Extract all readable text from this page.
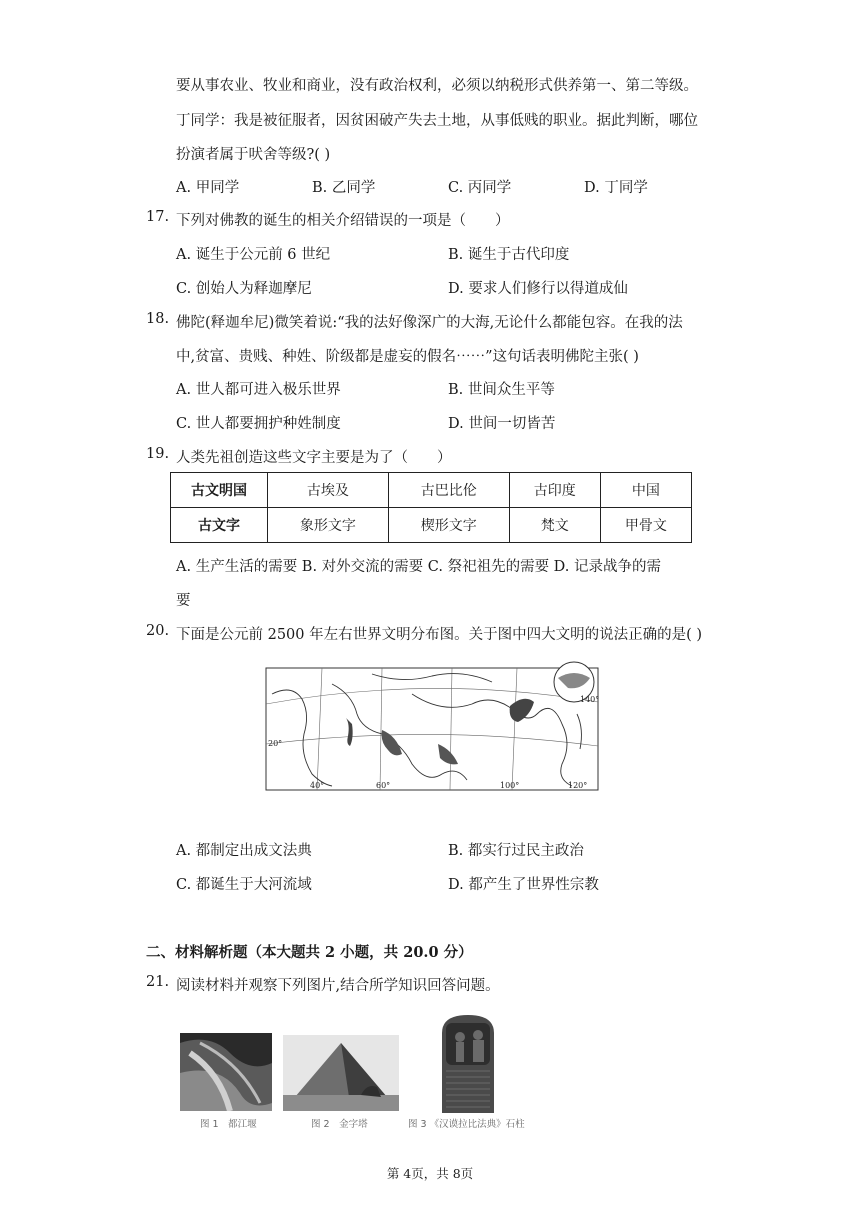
要从事农业、牧业和商业，没有政治权利，必须以纳税形式供养第一、第二等级。
丁同学：我是被征服者，因贫困破产失去土地，从事低贱的职业。据此判断，哪位
扮演者属于吠舍等级?( )
A. 甲同学	B. 乙同学	C. 丙同学	D. 丁同学
17. 下列对佛教的诞生的相关介绍错误的一项是（　　）
A. 诞生于公元前 6 世纪	B. 诞生于古代印度
C. 创始人为释迦摩尼	D. 要求人们修行以得道成仙
18. 佛陀(释迦牟尼)微笑着说:“我的法好像深广的大海,无论什么都能包容。在我的法
中,贫富、贵贱、种姓、阶级都是虚妄的假名⋯⋯”这句话表明佛陀主张( )
A. 世人都可进入极乐世界	B. 世间众生平等
C. 世人都要拥护种姓制度	D. 世间一切皆苦
19. 人类先祖创造这些文字主要是为了（　　）
古文明国	古埃及	古巴比伦	古印度	中国
古文字	象形文字	楔形文字	梵文	甲骨文
A. 生产生活的需要 B. 对外交流的需要 C. 祭祀祖先的需要 D. 记录战争的需
要
20. 下面是公元前 2500 年左右世界文明分布图。关于图中四大文明的说法正确的是( )
20°
40°	60°	100°	120°
140°
A. 都制定出成文法典	B. 都实行过民主政治
C. 都诞生于大河流域	D. 都产生了世界性宗教
二、材料解析题（本大题共 2 小题，共 20.0 分）
21. 阅读材料并观察下列图片,结合所学知识回答问题。
图 1　都江堰	图 2　金字塔	图 3 《汉谟拉比法典》石柱
第 4页，共 8页
